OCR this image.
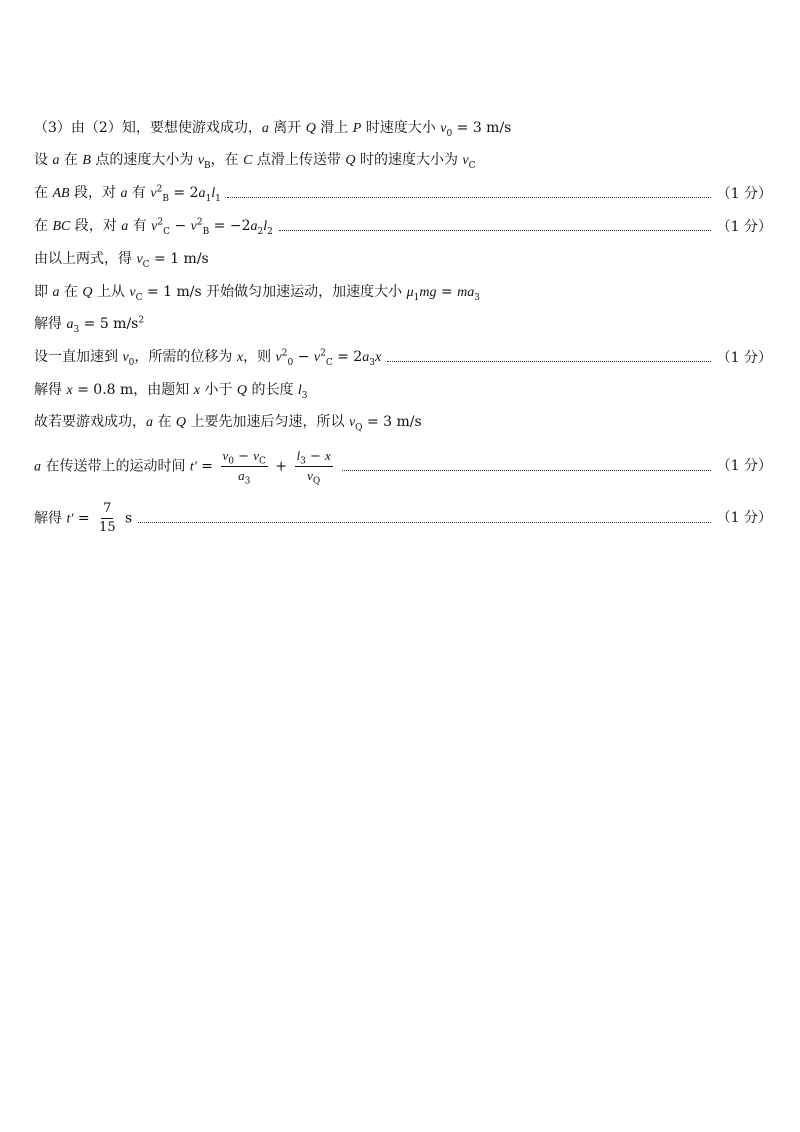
（3）由（2）知，要想使游戏成功，a 离开 Q 滑上 P 时速度大小 $v_0 = 3$ m/s
设 a 在 B 点的速度大小为 $v_B$，在 C 点滑上传送带 Q 时的速度大小为 $v_C$
在 AB 段，对 a 有 $v^2_B = 2a_1l_1$	（1 分）
在 BC 段，对 a 有 $v^2_C - v^2_B = -2a_2l_2$	（1 分）
由以上两式，得 $v_C = 1$ m/s
即 a 在 Q 上从 $v_C = 1$ m/s 开始做匀加速运动，加速度大小 $\mu_1mg = ma_3$
解得 $a_3 = 5$ $m/s^2$
设一直加速到 $v_0$，所需的位移为 x，则 $v^2_0 - v^2_C = 2a_3x$	（1 分）
解得 x = 0.8 m，由题知 x 小于 Q 的长度 $l_3$
故若要游戏成功，a 在 Q 上要先加速后匀速，所以 $v_Q = 3$ m/s
a 在传送带上的运动时间 $t' = \frac{v_0 - v_C}{a_3} + \frac{l_3 - x}{v_Q}$	（1 分）
解得 $t' = \frac{7}{15}$ s	（1 分）
